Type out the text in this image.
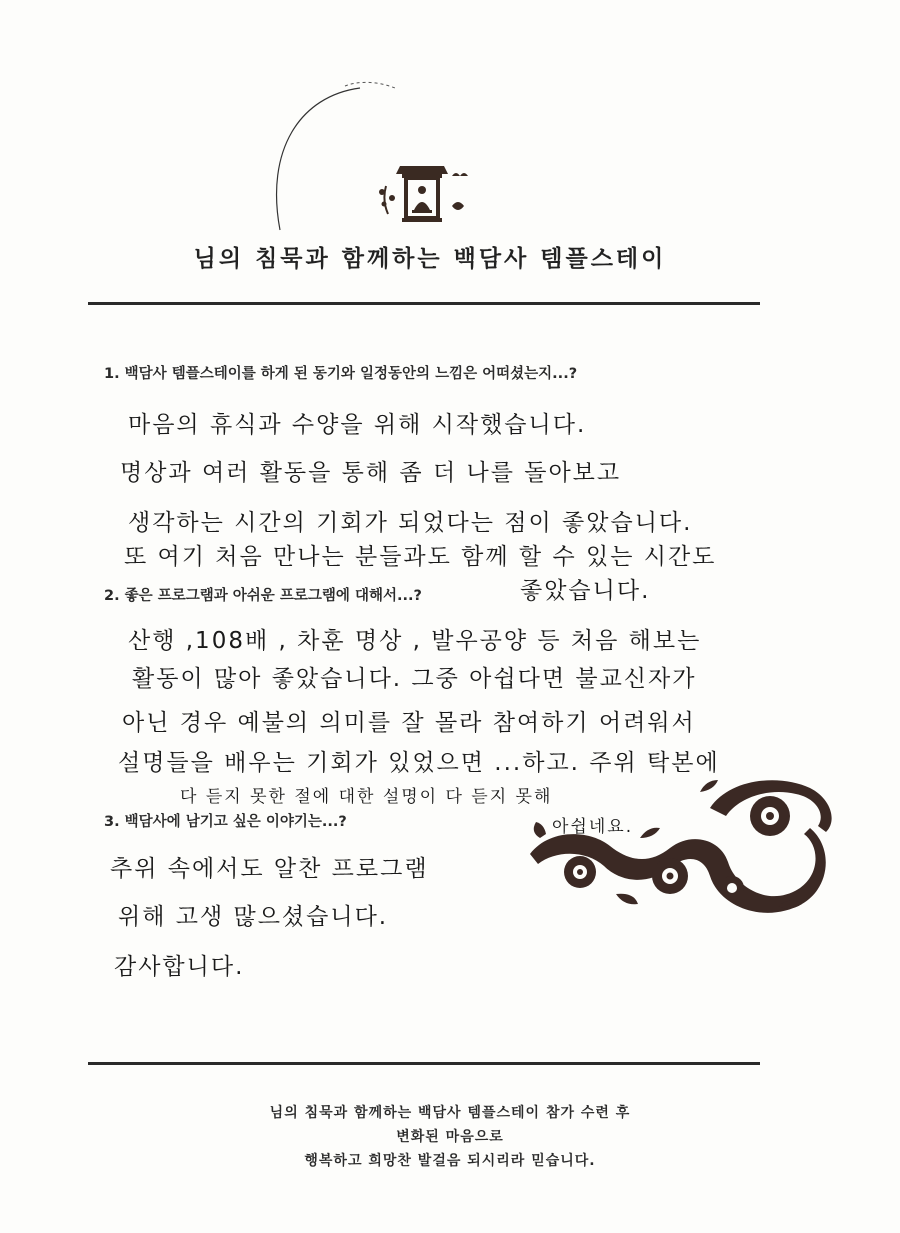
님의 침묵과 함께하는 백담사 템플스테이
1. 백담사 템플스테이를 하게 된 동기와 일정동안의 느낌은 어떠셨는지...?
마음의 휴식과 수양을 위해 시작했습니다.
명상과 여러 활동을 통해 좀 더 나를 돌아보고
생각하는 시간의 기회가 되었다는 점이 좋았습니다.
또 여기 처음 만나는 분들과도 함께 할 수 있는 시간도
2. 좋은 프로그램과 아쉬운 프로그램에 대해서...?	좋았습니다.
산행 ,108배 , 차훈 명상 , 발우공양 등 처음 해보는
활동이 많아 좋았습니다. 그중 아쉽다면 불교신자가
아닌 경우 예불의 의미를 잘 몰라 참여하기 어려워서
설명들을 배우는 기회가 있었으면 ...하고. 주위 탁본에
다 듣지 못한 절에 대한 설명이 다 듣지 못해
아쉽네요.
3. 백담사에 남기고 싶은 이야기는...?
추위 속에서도 알찬 프로그램
위해 고생 많으셨습니다.
감사합니다.
님의 침묵과 함께하는 백담사 템플스테이 참가 수련 후
변화된 마음으로
행복하고 희망찬 발걸음 되시리라 믿습니다.
